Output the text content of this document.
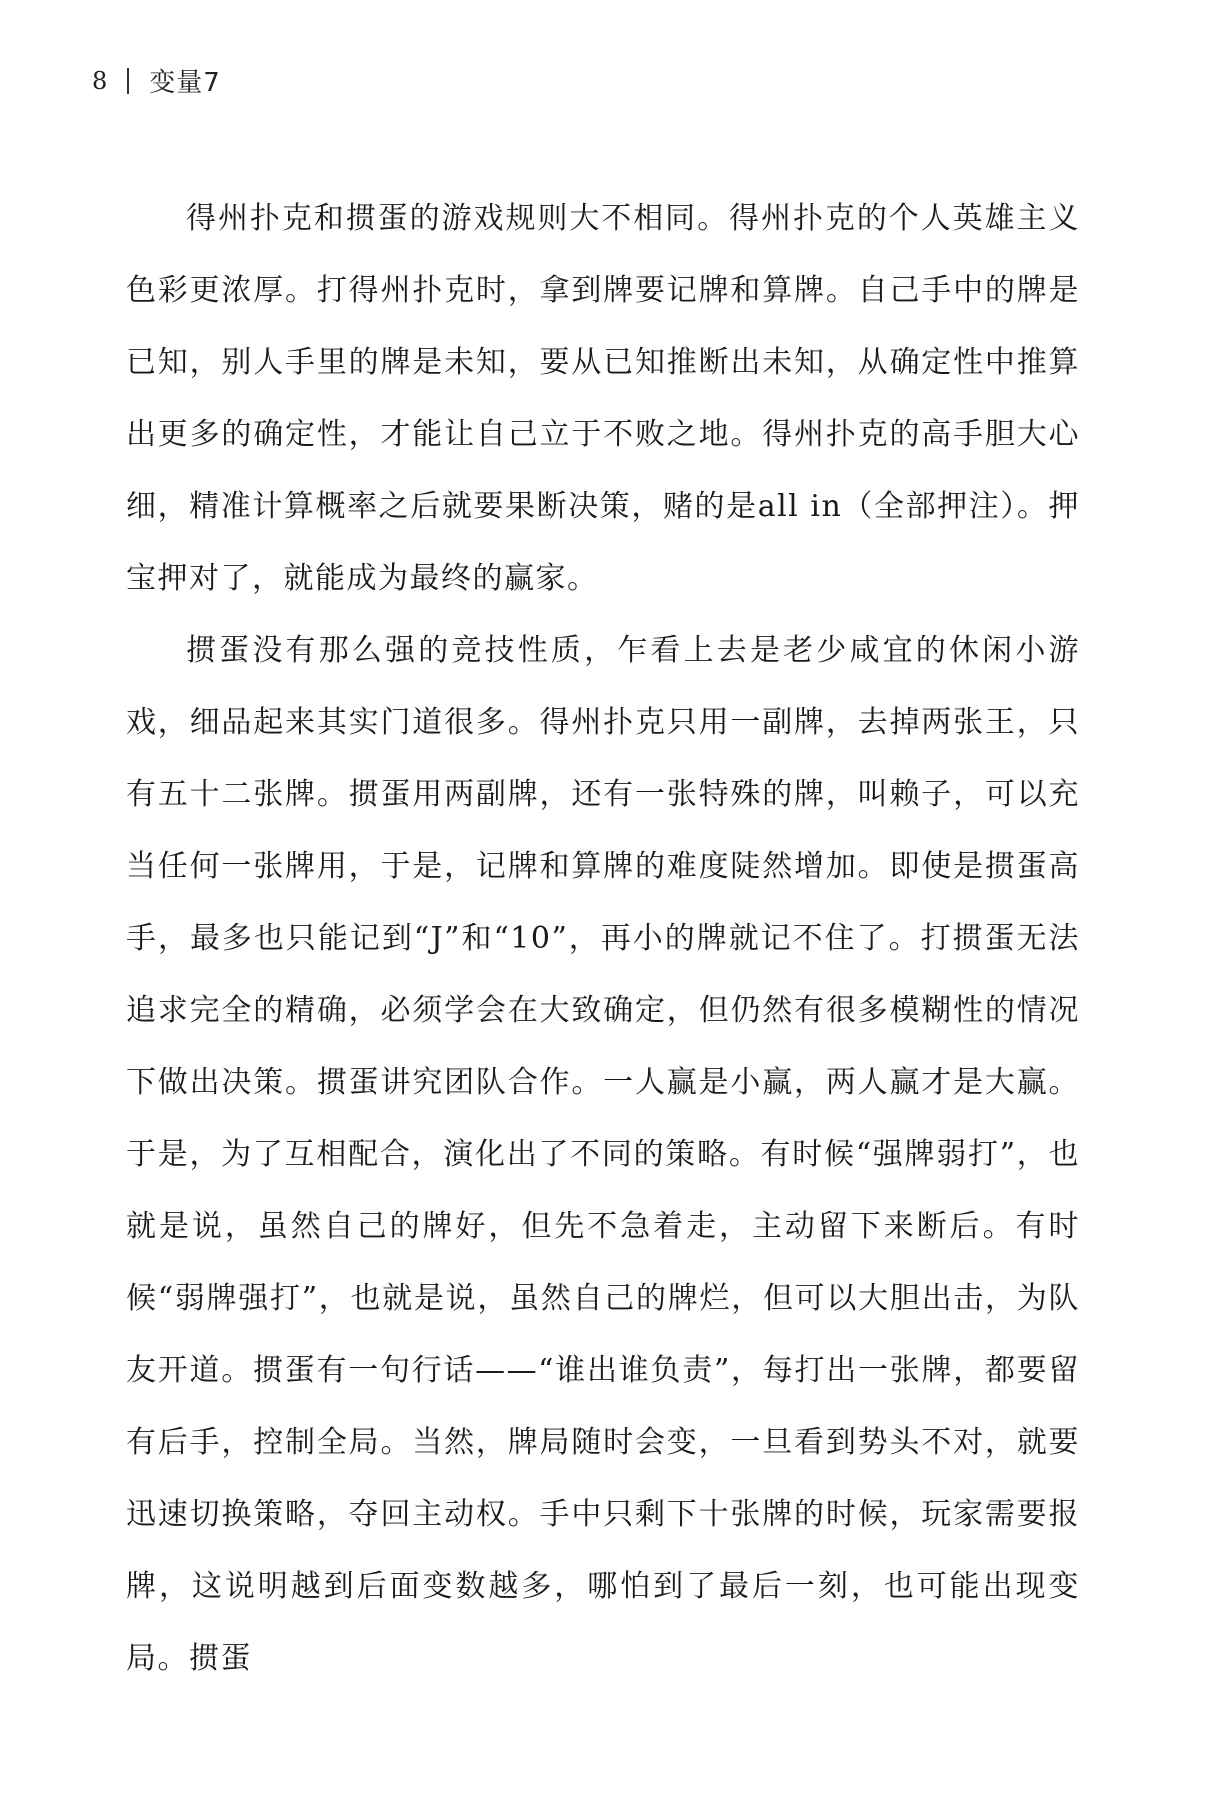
8 变量7

得州扑克和掼蛋的游戏规则大不相同。得州扑克的个人英雄主义色彩更浓厚。打得州扑克时，拿到牌要记牌和算牌。自己手中的牌是已知，别人手里的牌是未知，要从已知推断出未知，从确定性中推算出更多的确定性，才能让自己立于不败之地。得州扑克的高手胆大心细，精准计算概率之后就要果断决策，赌的是all in（全部押注）。押宝押对了，就能成为最终的赢家。

掼蛋没有那么强的竞技性质，乍看上去是老少咸宜的休闲小游戏，细品起来其实门道很多。得州扑克只用一副牌，去掉两张王，只有五十二张牌。掼蛋用两副牌，还有一张特殊的牌，叫赖子，可以充当任何一张牌用，于是，记牌和算牌的难度陡然增加。即使是掼蛋高手，最多也只能记到“J”和“10”，再小的牌就记不住了。打掼蛋无法追求完全的精确，必须学会在大致确定，但仍然有很多模糊性的情况下做出决策。掼蛋讲究团队合作。一人赢是小赢，两人赢才是大赢。于是，为了互相配合，演化出了不同的策略。有时候“强牌弱打”，也就是说，虽然自己的牌好，但先不急着走，主动留下来断后。有时候“弱牌强打”，也就是说，虽然自己的牌烂，但可以大胆出击，为队友开道。掼蛋有一句行话——“谁出谁负责”，每打出一张牌，都要留有后手，控制全局。当然，牌局随时会变，一旦看到势头不对，就要迅速切换策略，夺回主动权。手中只剩下十张牌的时候，玩家需要报牌，这说明越到后面变数越多，哪怕到了最后一刻，也可能出现变局。掼蛋
